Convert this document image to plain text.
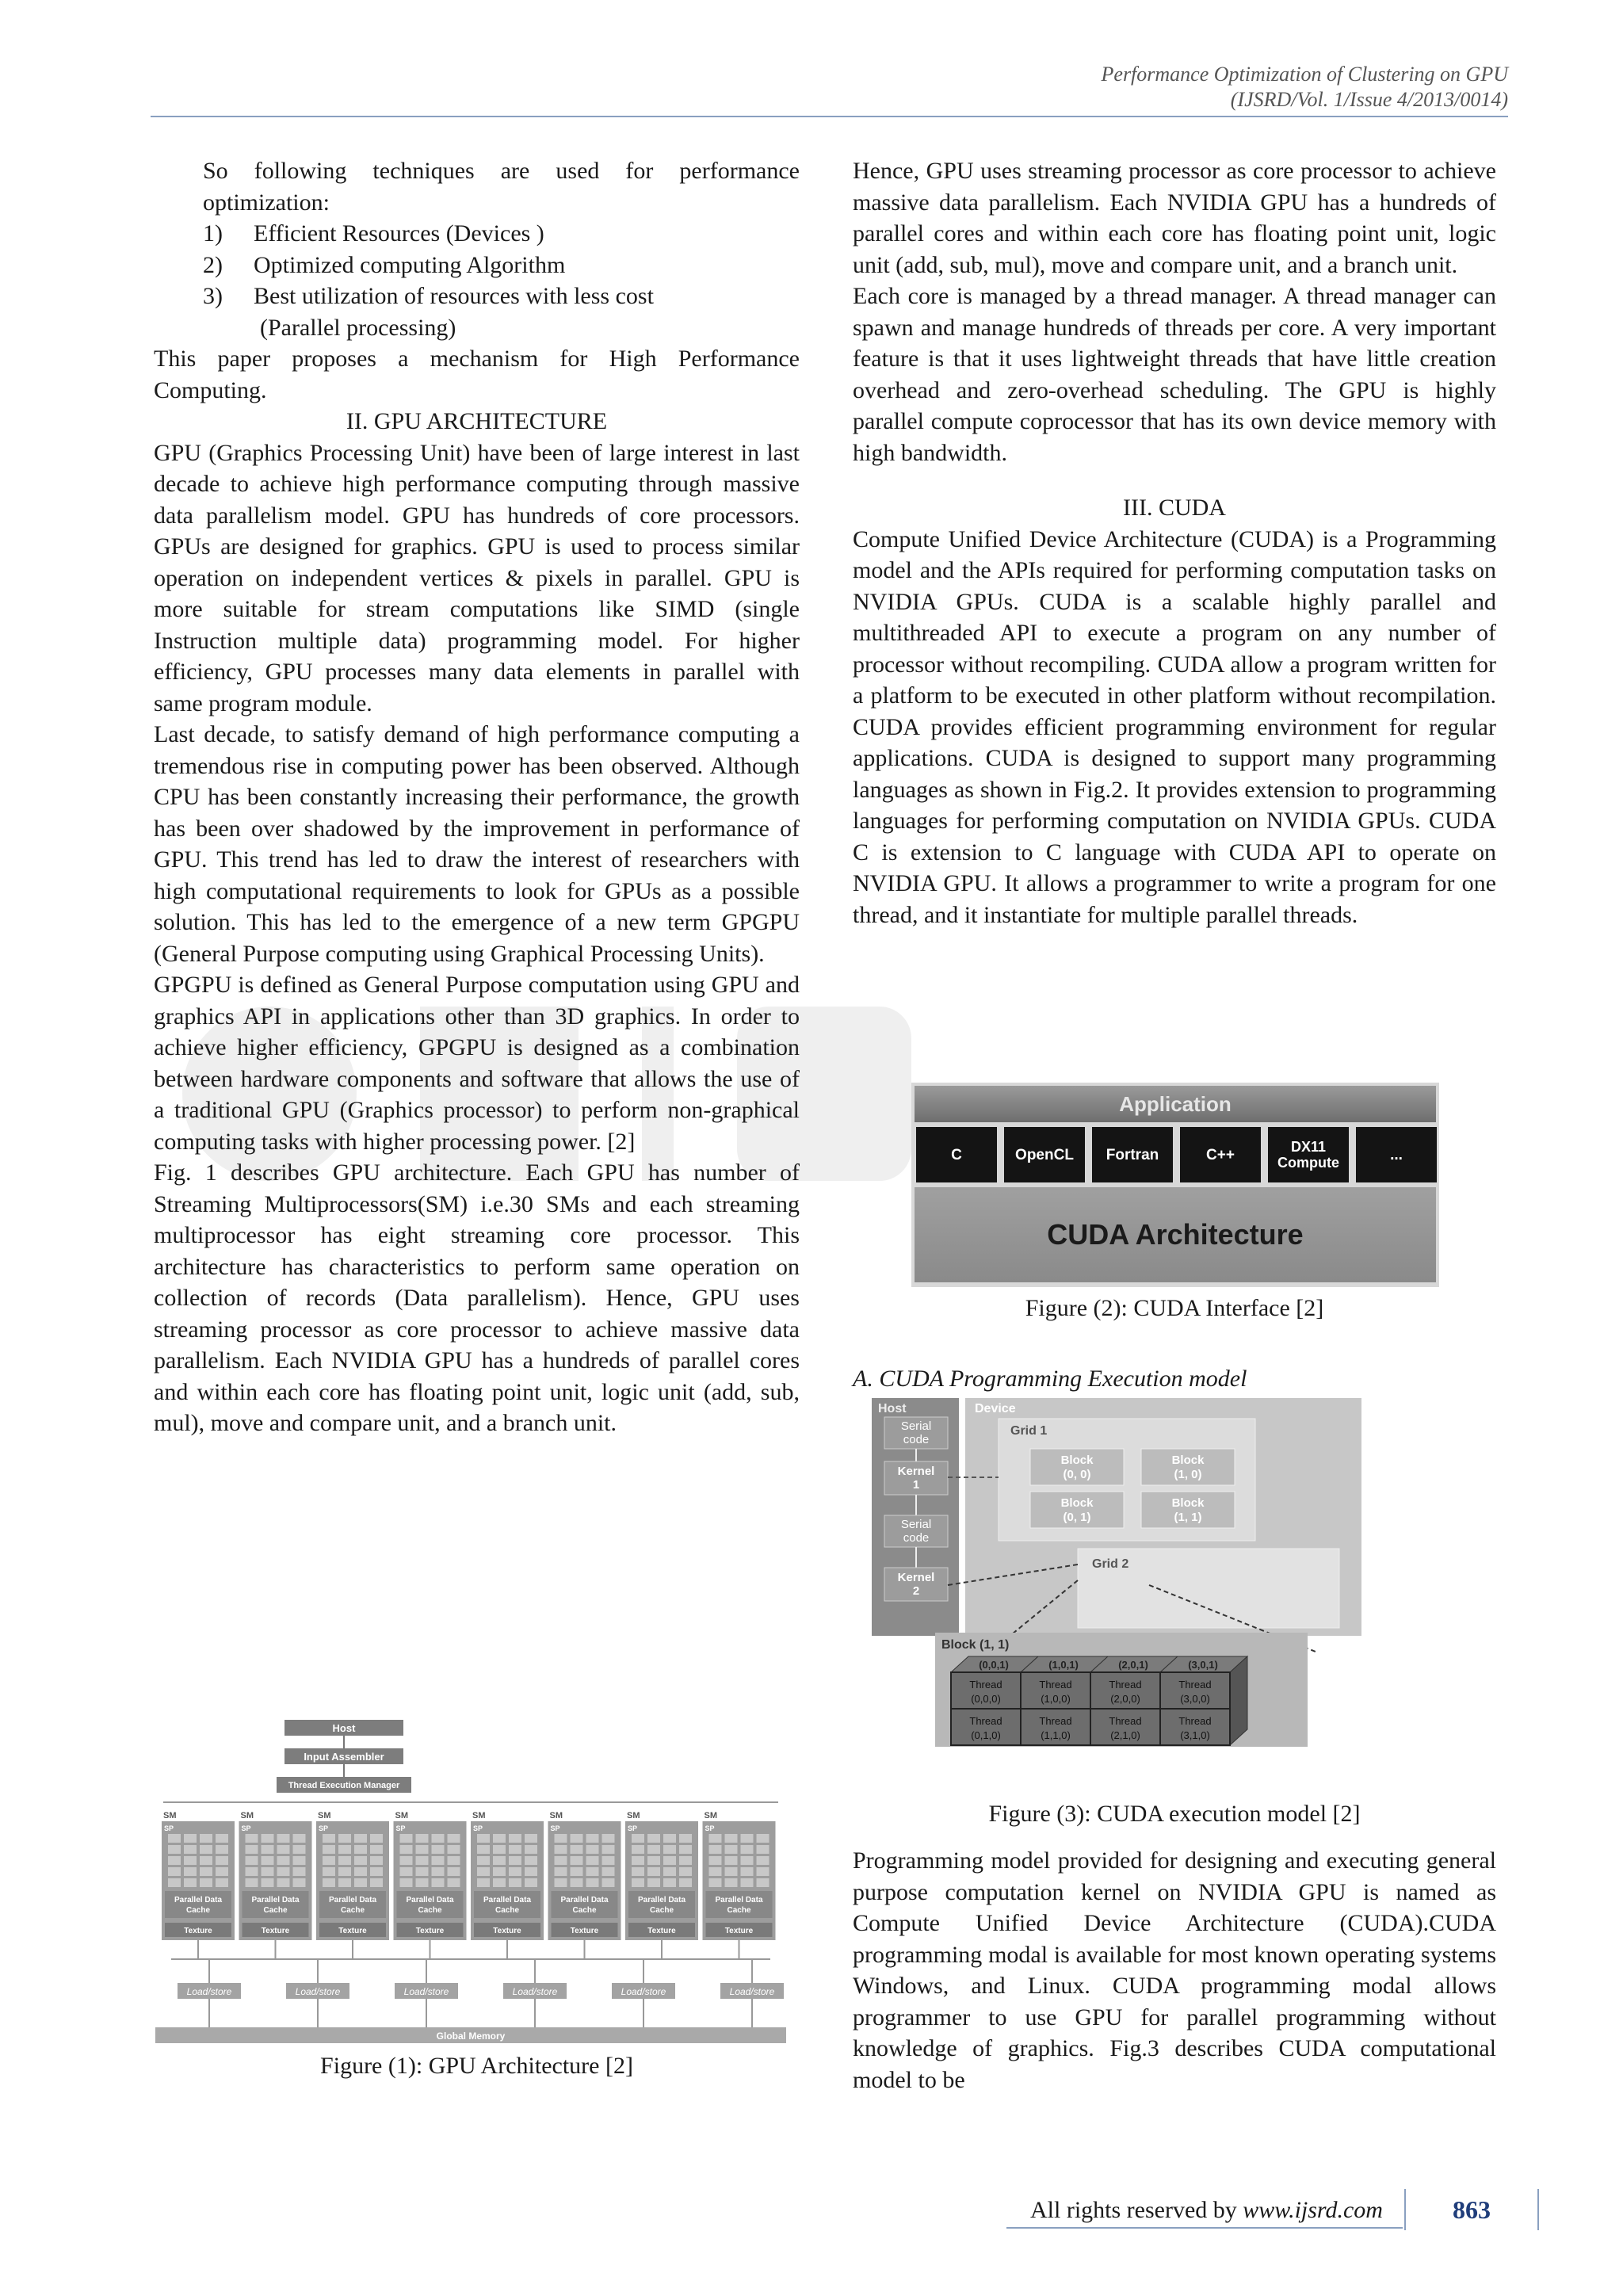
Performance Optimization of Clustering on GPU
(IJSRD/Vol. 1/Issue 4/2013/0014)

So following techniques are used for performance optimization:

1)	Efficient Resources (Devices )
2)	Optimized computing Algorithm
3)	Best utilization of resources with less cost

(Parallel processing)

This paper proposes a mechanism for High Performance Computing.

II. GPU ARCHITECTURE

GPU (Graphics Processing Unit) have been of large interest in last decade to achieve high performance computing through massive data parallelism model. GPU has hundreds of core processors. GPUs are designed for graphics. GPU is used to process similar operation on independent vertices & pixels in parallel. GPU is more suitable for stream computations like SIMD (single Instruction multiple data) programming model. For higher efficiency, GPU processes many data elements in parallel with same program module.

Last decade, to satisfy demand of high performance computing a tremendous rise in computing power has been observed. Although CPU has been constantly increasing their performance, the growth has been over shadowed by the improvement in performance of GPU. This trend has led to draw the interest of researchers with high computational requirements to look for GPUs as a possible solution. This has led to the emergence of a new term GPGPU (General Purpose computing using Graphical Processing Units).

GPGPU is defined as General Purpose computation using GPU and graphics API in applications other than 3D graphics. In order to achieve higher efficiency, GPGPU is designed as a combination between hardware components and software that allows the use of a traditional GPU (Graphics processor) to perform non-graphical computing tasks with higher processing power. [2]

Fig. 1 describes GPU architecture. Each GPU has number of Streaming Multiprocessors(SM) i.e.30 SMs and each streaming multiprocessor has eight streaming core processor. This architecture has characteristics to perform same operation on collection of records (Data parallelism). Hence, GPU uses streaming processor as core processor to achieve massive data parallelism. Each NVIDIA GPU has a hundreds of parallel cores and within each core has floating point unit, logic unit (add, sub, mul), move and compare unit, and a branch unit.

Host
Input Assembler
Thread Execution Manager
SM
SP
Parallel Data
Cache
Texture
SM
SP
Parallel Data
Cache
Texture
SM
SP
Parallel Data
Cache
Texture
SM
SP
Parallel Data
Cache
Texture
SM
SP
Parallel Data
Cache
Texture
SM
SP
Parallel Data
Cache
Texture
SM
SP
Parallel Data
Cache
Texture
SM
SP
Parallel Data
Cache
Texture
Load/store	Load/store	Load/store	Load/store	Load/store	Load/store
Global Memory
Figure (1): GPU Architecture [2]

Hence, GPU uses streaming processor as core processor to achieve massive data parallelism. Each NVIDIA GPU has a hundreds of parallel cores and within each core has floating point unit, logic unit (add, sub, mul), move and compare unit, and a branch unit.

Each core is managed by a thread manager. A thread manager can spawn and manage hundreds of threads per core. A very important feature is that it uses lightweight threads that have little creation overhead and zero-overhead scheduling. The GPU is highly parallel compute coprocessor that has its own device memory with high bandwidth.

III. CUDA

Compute Unified Device Architecture (CUDA) is a Programming model and the APIs required for performing computation tasks on NVIDIA GPUs. CUDA is a scalable highly parallel and multithreaded API to execute a program on any number of processor without recompiling. CUDA allow a program written for a platform to be executed in other platform without recompilation. CUDA provides efficient programming environment for regular applications. CUDA is designed to support many programming languages as shown in Fig.2. It provides extension to programming languages for performing computation on NVIDIA GPUs. CUDA C is extension to C language with CUDA API to operate on NVIDIA GPU. It allows a programmer to write a program for one thread, and it instantiate for multiple parallel threads.

Application
C	OpenCL Fortran	C++	DX11
Compute	...
CUDA Architecture
Figure (2): CUDA Interface [2]
A. CUDA Programming Execution model
Host
Serial
code
Kernel
1
Serial
code
Kernel
2
Device
Grid 1
Block
(0, 0)
Block
(1, 0)
Block
(0, 1)
Block
(1, 1)
Grid 2
Block (1, 1)
(0,0,1)	(1,0,1)	(2,0,1)	(3,0,1)
Thread
(0,0,0)
Thread
(1,0,0)
Thread
(2,0,0)
Thread
(3,0,0)
Thread
(0,1,0)
Thread
(1,1,0)
Thread
(2,1,0)
Thread
(3,1,0)
Figure (3): CUDA execution model [2]

Programming model provided for designing and executing general purpose computation kernel on NVIDIA GPU is named as Compute Unified Device Architecture (CUDA).CUDA programming modal is available for most known operating systems Windows, and Linux. CUDA programming modal allows programmer to use GPU for parallel programming without knowledge of graphics. Fig.3 describes CUDA computational model to be

All rights reserved by www.ijsrd.com	863
